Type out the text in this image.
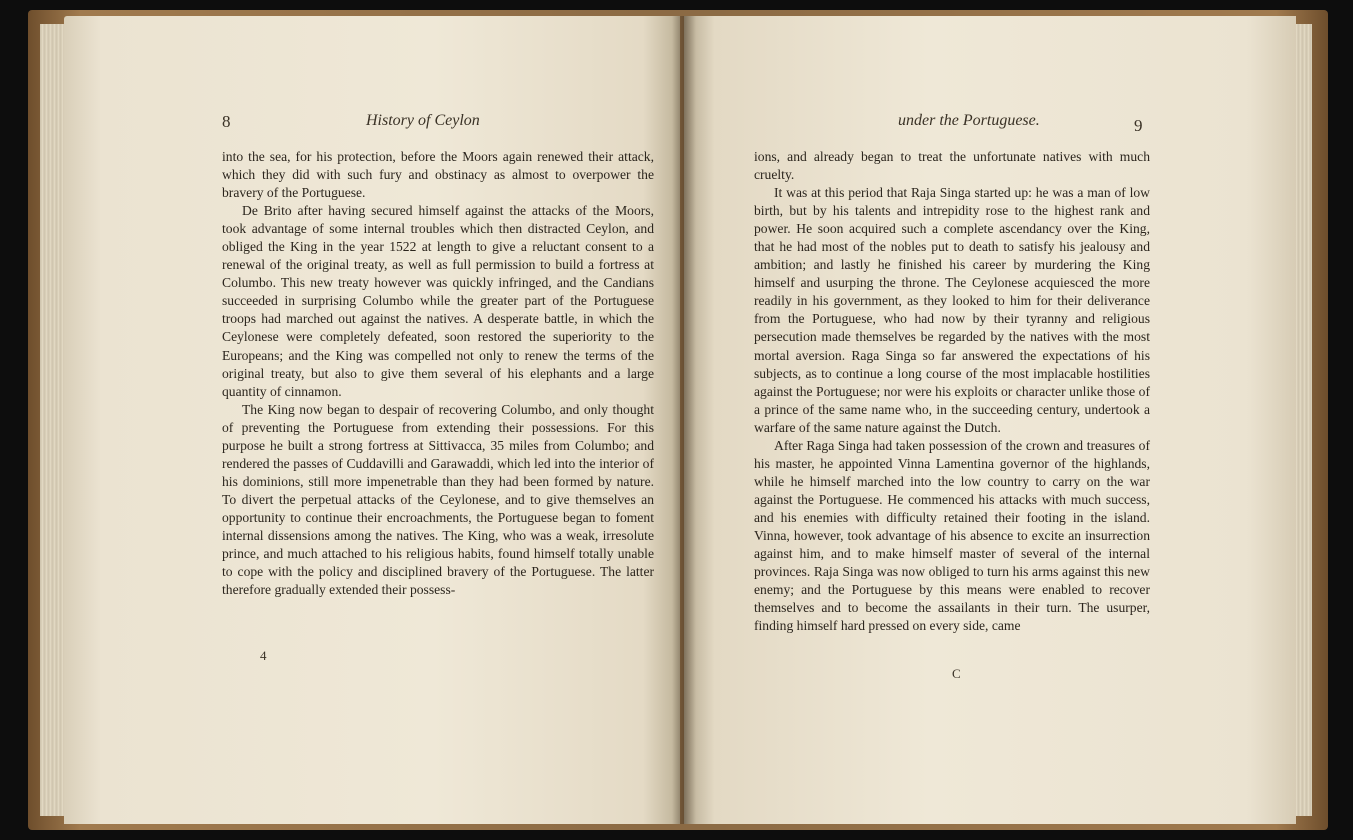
8	History of Ceylon

into the sea, for his protection, before the Moors again renewed their attack, which they did with such fury and obstinacy as almost to overpower the bravery of the Portuguese.

De Brito after having secured himself against the attacks of the Moors, took advantage of some internal troubles which then distracted Ceylon, and obliged the King in the year 1522 at length to give a reluctant consent to a renewal of the original treaty, as well as full permission to build a fortress at Columbo. This new treaty however was quickly infringed, and the Candians succeeded in surprising Columbo while the greater part of the Portuguese troops had marched out against the natives. A desperate battle, in which the Ceylonese were completely defeated, soon restored the superiority to the Europeans; and the King was compelled not only to renew the terms of the original treaty, but also to give them several of his elephants and a large quantity of cinnamon.

The King now began to despair of recovering Columbo, and only thought of preventing the Portuguese from extending their possessions. For this purpose he built a strong fortress at Sittivacca, 35 miles from Columbo; and rendered the passes of Cuddavilli and Garawaddi, which led into the interior of his dominions, still more impenetrable than they had been formed by nature. To divert the perpetual attacks of the Ceylonese, and to give themselves an opportunity to continue their encroachments, the Portuguese began to foment internal dissensions among the natives. The King, who was a weak, irresolute prince, and much attached to his religious habits, found himself totally unable to cope with the policy and disciplined bravery of the Portuguese. The latter therefore gradually extended their possess-

4
under the Portuguese.	9

ions, and already began to treat the unfortunate natives with much cruelty.

It was at this period that Raja Singa started up: he was a man of low birth, but by his talents and intrepidity rose to the highest rank and power. He soon acquired such a complete ascendancy over the King, that he had most of the nobles put to death to satisfy his jealousy and ambition; and lastly he finished his career by murdering the King himself and usurping the throne. The Ceylonese acquiesced the more readily in his government, as they looked to him for their deliverance from the Portuguese, who had now by their tyranny and religious persecution made themselves be regarded by the natives with the most mortal aversion. Raga Singa so far answered the expectations of his subjects, as to continue a long course of the most implacable hostilities against the Portuguese; nor were his exploits or character unlike those of a prince of the same name who, in the succeeding century, undertook a warfare of the same nature against the Dutch.

After Raga Singa had taken possession of the crown and treasures of his master, he appointed Vinna Lamentina governor of the highlands, while he himself marched into the low country to carry on the war against the Portuguese. He commenced his attacks with much success, and his enemies with difficulty retained their footing in the island. Vinna, however, took advantage of his absence to excite an insurrection against him, and to make himself master of several of the internal provinces. Raja Singa was now obliged to turn his arms against this new enemy; and the Portuguese by this means were enabled to recover themselves and to become the assailants in their turn. The usurper, finding himself hard pressed on every side, came

C
